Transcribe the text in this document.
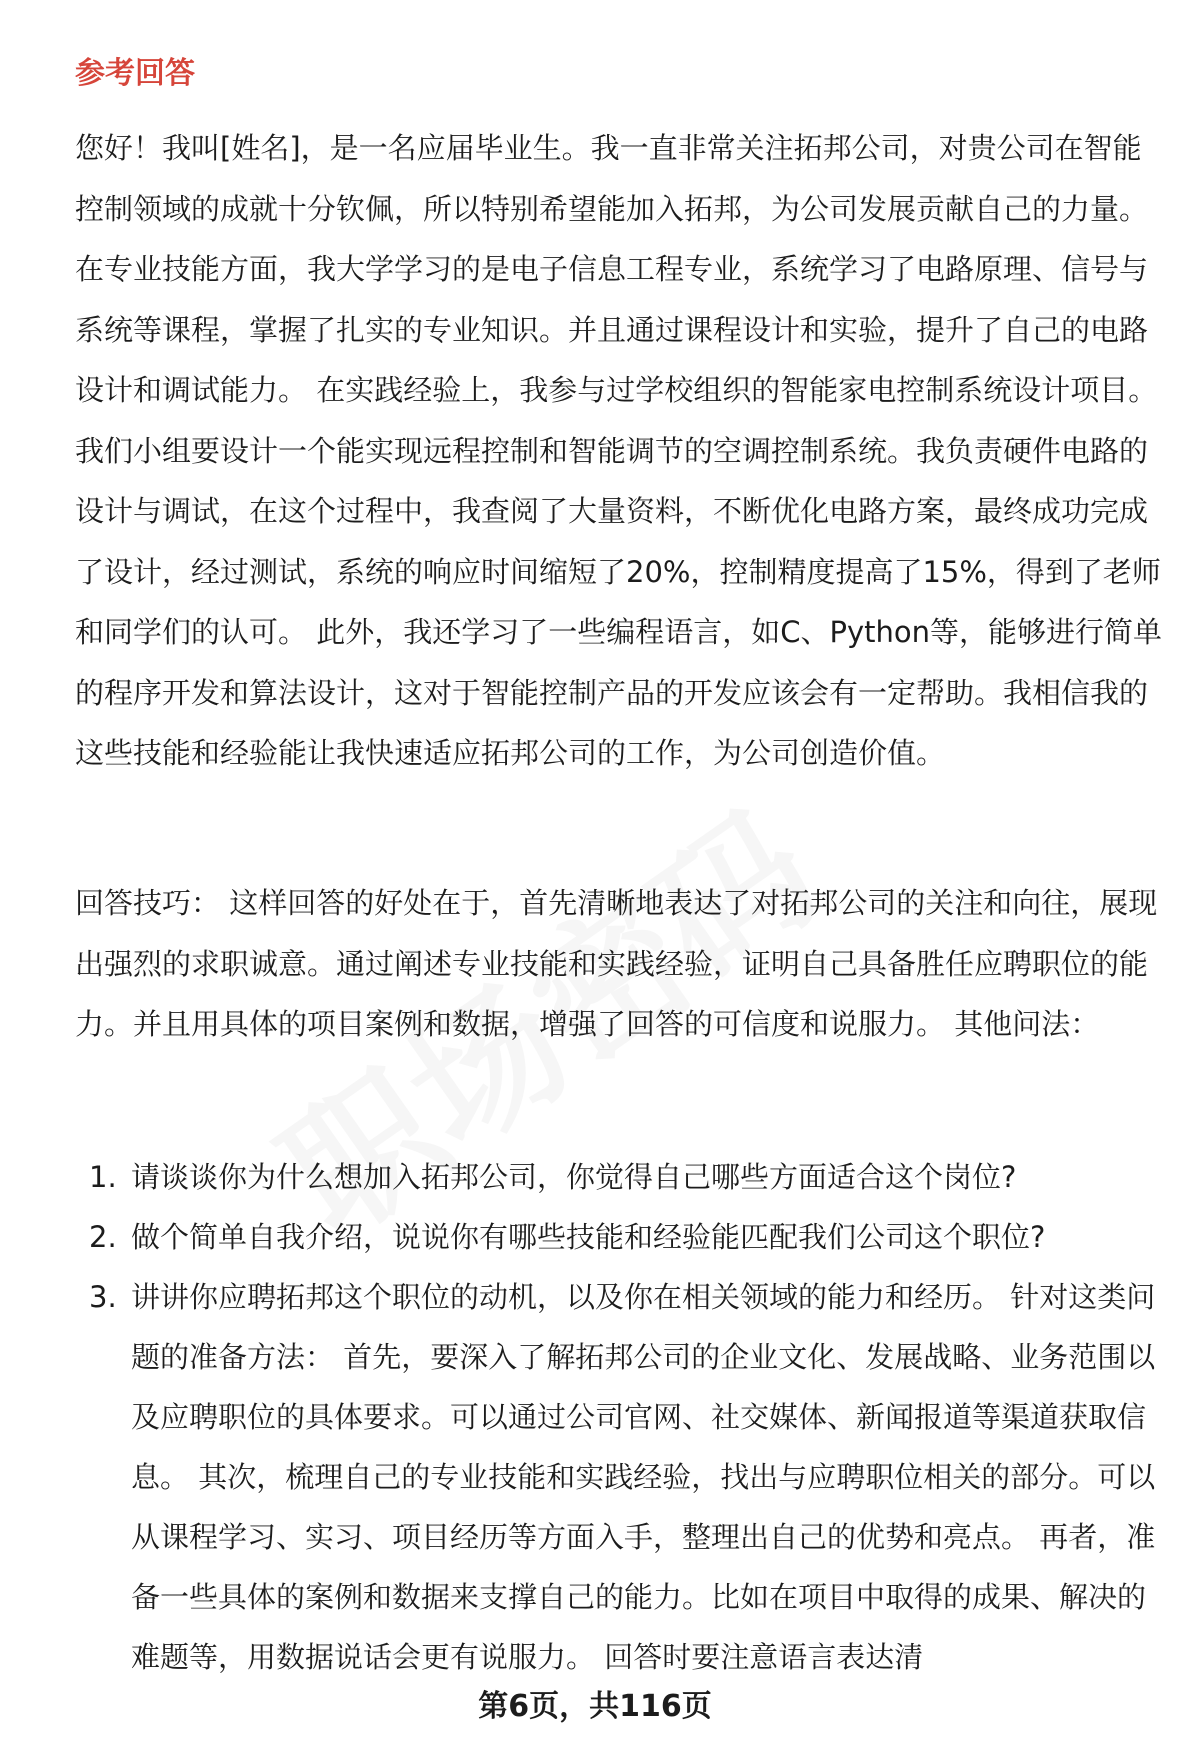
参考回答

您好！我叫[姓名]，是一名应届毕业生。我一直非常关注拓邦公司，对贵公司在智能控制领域的成就十分钦佩，所以特别希望能加入拓邦，为公司发展贡献自己的力量。 在专业技能方面，我大学学习的是电子信息工程专业，系统学习了电路原理、信号与系统等课程，掌握了扎实的专业知识。并且通过课程设计和实验，提升了自己的电路设计和调试能力。 在实践经验上，我参与过学校组织的智能家电控制系统设计项目。我们小组要设计一个能实现远程控制和智能调节的空调控制系统。我负责硬件电路的设计与调试，在这个过程中，我查阅了大量资料，不断优化电路方案，最终成功完成了设计，经过测试，系统的响应时间缩短了20%，控制精度提高了15%，得到了老师和同学们的认可。 此外，我还学习了一些编程语言，如C、Python等，能够进行简单的程序开发和算法设计，这对于智能控制产品的开发应该会有一定帮助。我相信我的这些技能和经验能让我快速适应拓邦公司的工作，为公司创造价值。

回答技巧： 这样回答的好处在于，首先清晰地表达了对拓邦公司的关注和向往，展现出强烈的求职诚意。通过阐述专业技能和实践经验，证明自己具备胜任应聘职位的能力。并且用具体的项目案例和数据，增强了回答的可信度和说服力。 其他问法：

1. 请谈谈你为什么想加入拓邦公司，你觉得自己哪些方面适合这个岗位?
2. 做个简单自我介绍，说说你有哪些技能和经验能匹配我们公司这个职位?
3. 讲讲你应聘拓邦这个职位的动机，以及你在相关领域的能力和经历。 针对这类问题的准备方法： 首先，要深入了解拓邦公司的企业文化、发展战略、业务范围以及应聘职位的具体要求。可以通过公司官网、社交媒体、新闻报道等渠道获取信息。 其次，梳理自己的专业技能和实践经验，找出与应聘职位相关的部分。可以从课程学习、实习、项目经历等方面入手，整理出自己的优势和亮点。 再者，准备一些具体的案例和数据来支撑自己的能力。比如在项目中取得的成果、解决的难题等，用数据说话会更有说服力。 回答时要注意语言表达清
第6页，共116页
